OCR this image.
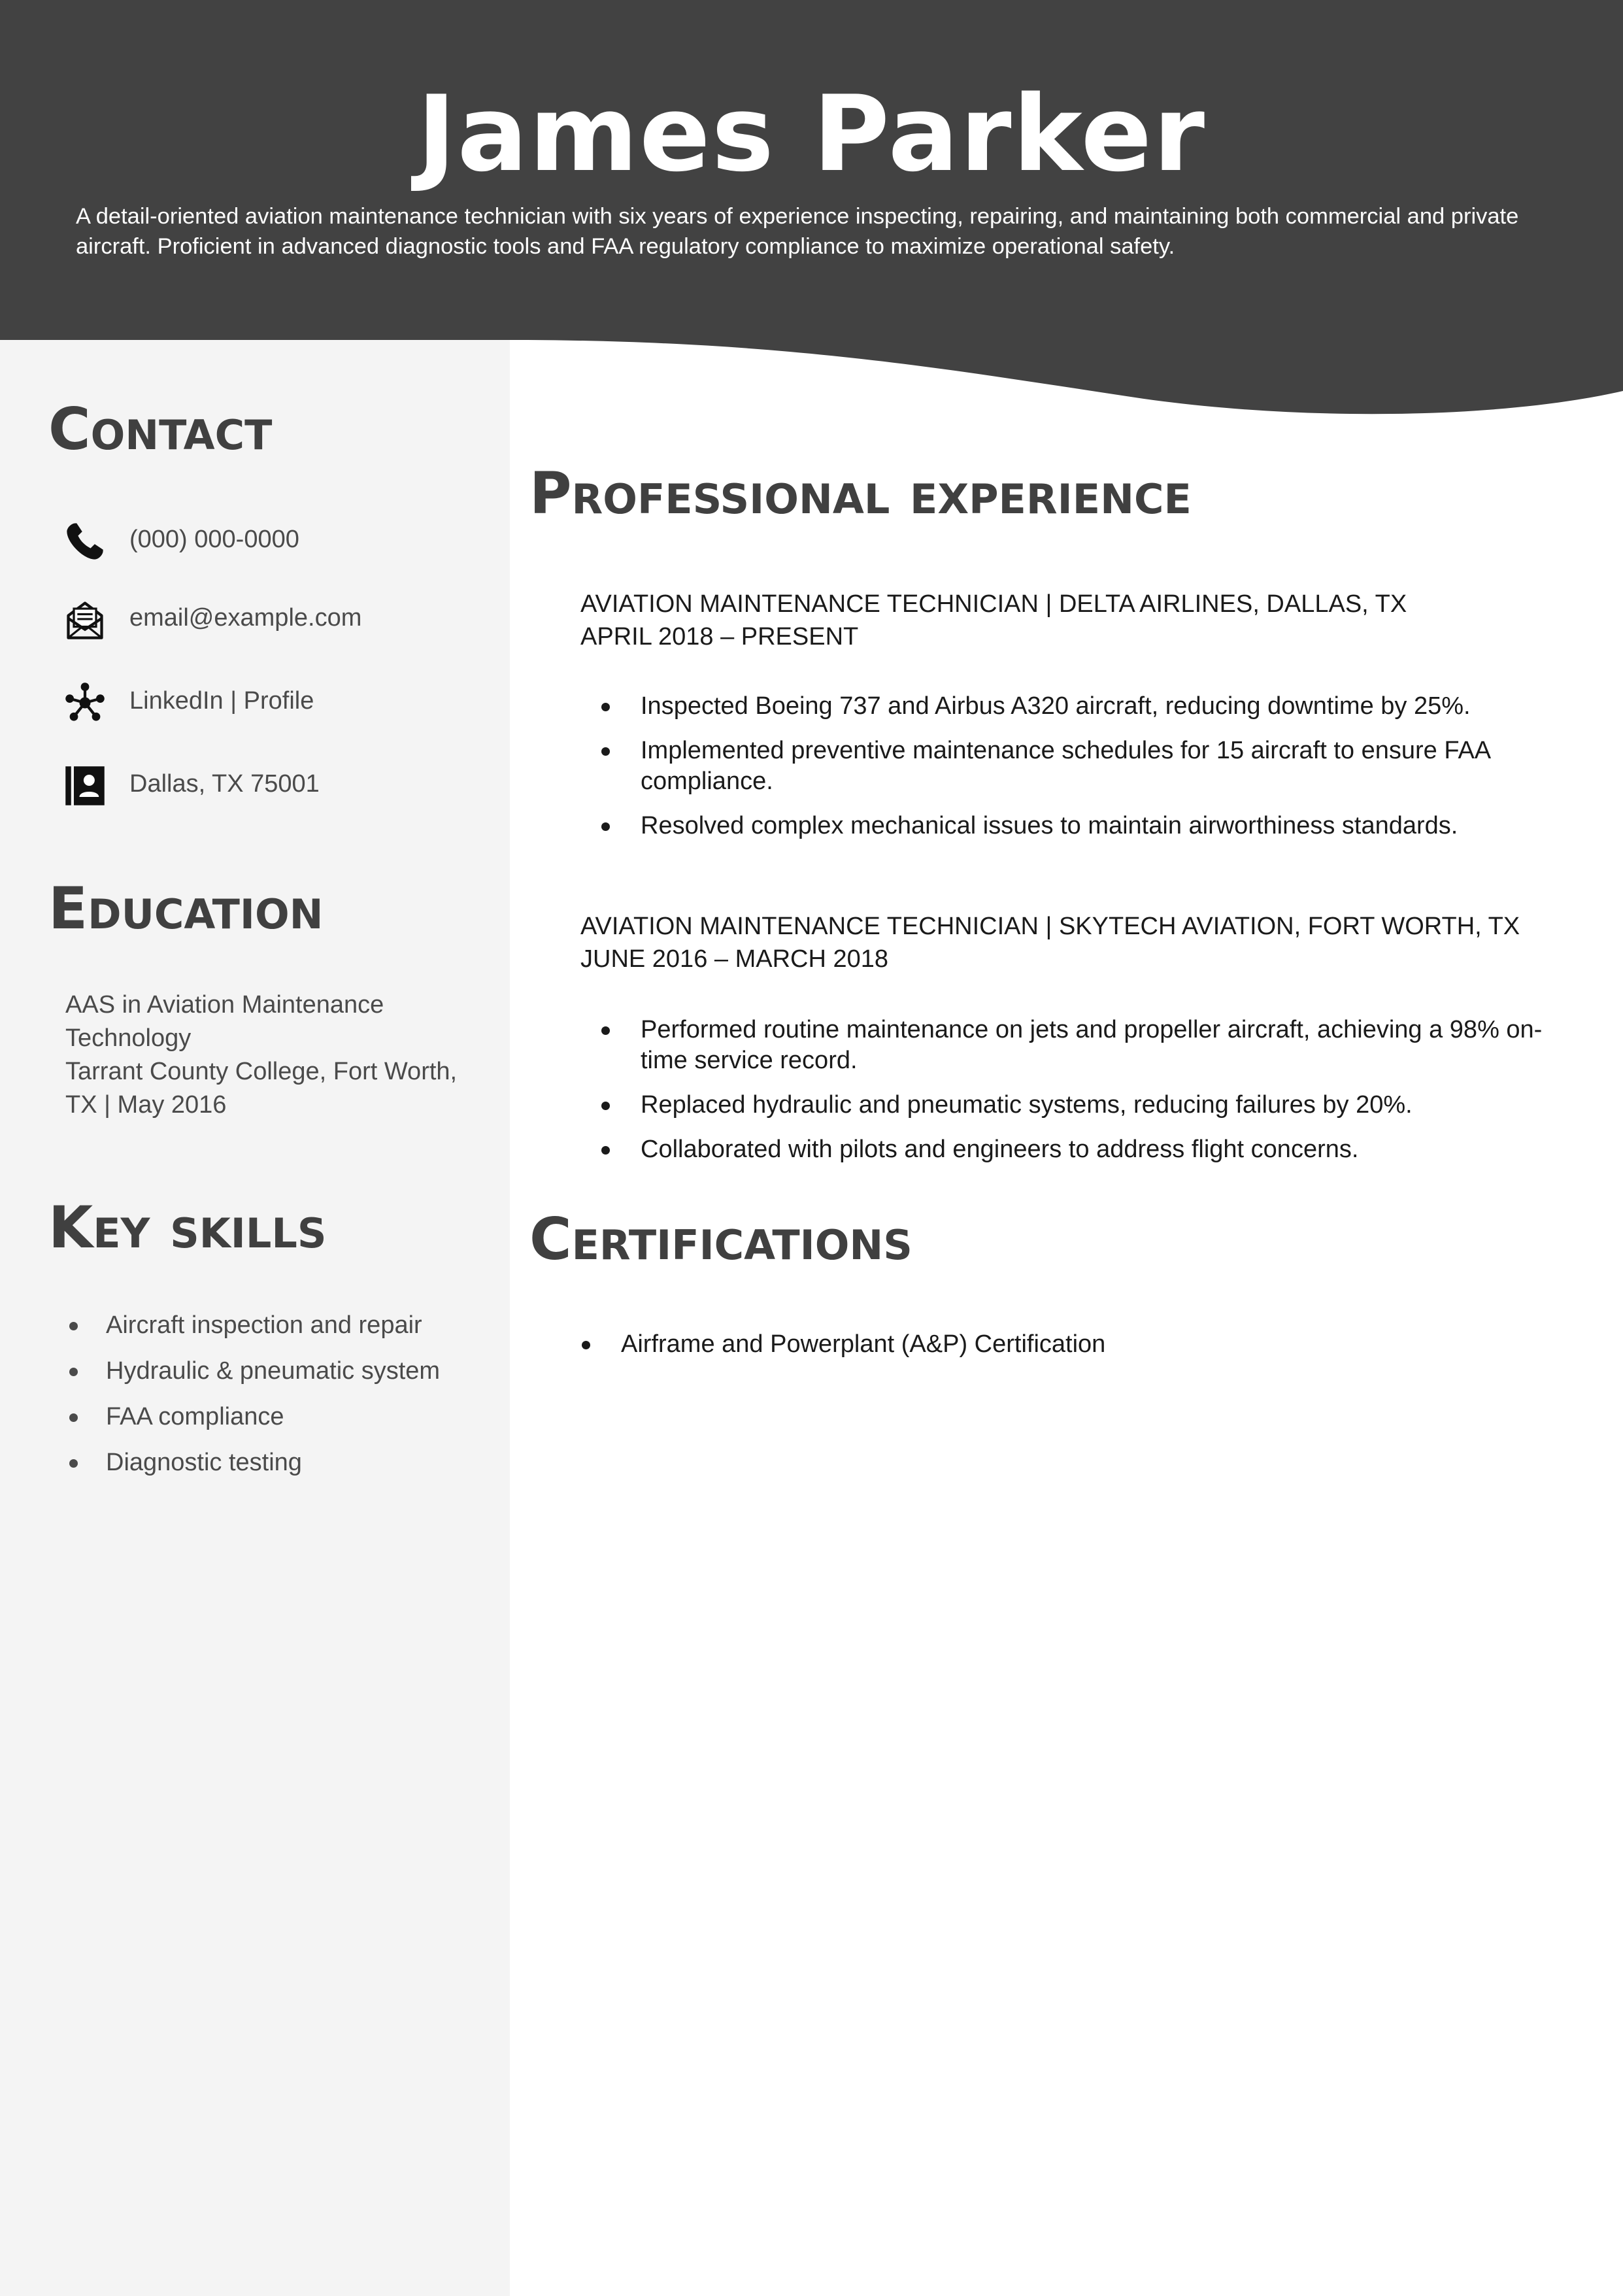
James Parker

A detail-oriented aviation maintenance technician with six years of experience inspecting, repairing, and maintaining both commercial and private aircraft. Proficient in advanced diagnostic tools and FAA regulatory compliance to maximize operational safety.

Contact
(000) 000-0000
email@example.com
LinkedIn | Profile
Dallas, TX 75001
Education

AAS in Aviation Maintenance Technology

Tarrant County College, Fort Worth, TX | May 2016

Key skills
Aircraft inspection and repair
Hydraulic & pneumatic system
FAA compliance
Diagnostic testing
Professional experience

AVIATION MAINTENANCE TECHNICIAN | DELTA AIRLINES, DALLAS, TX

APRIL 2018 – PRESENT

Inspected Boeing 737 and Airbus A320 aircraft, reducing downtime by 25%.
Implemented preventive maintenance schedules for 15 aircraft to ensure FAA compliance.
Resolved complex mechanical issues to maintain airworthiness standards.

AVIATION MAINTENANCE TECHNICIAN | SKYTECH AVIATION, FORT WORTH, TX

JUNE 2016 – MARCH 2018

Performed routine maintenance on jets and propeller aircraft, achieving a 98% on-time service record.
Replaced hydraulic and pneumatic systems, reducing failures by 20%.
Collaborated with pilots and engineers to address flight concerns.
Certifications
Airframe and Powerplant (A&P) Certification
